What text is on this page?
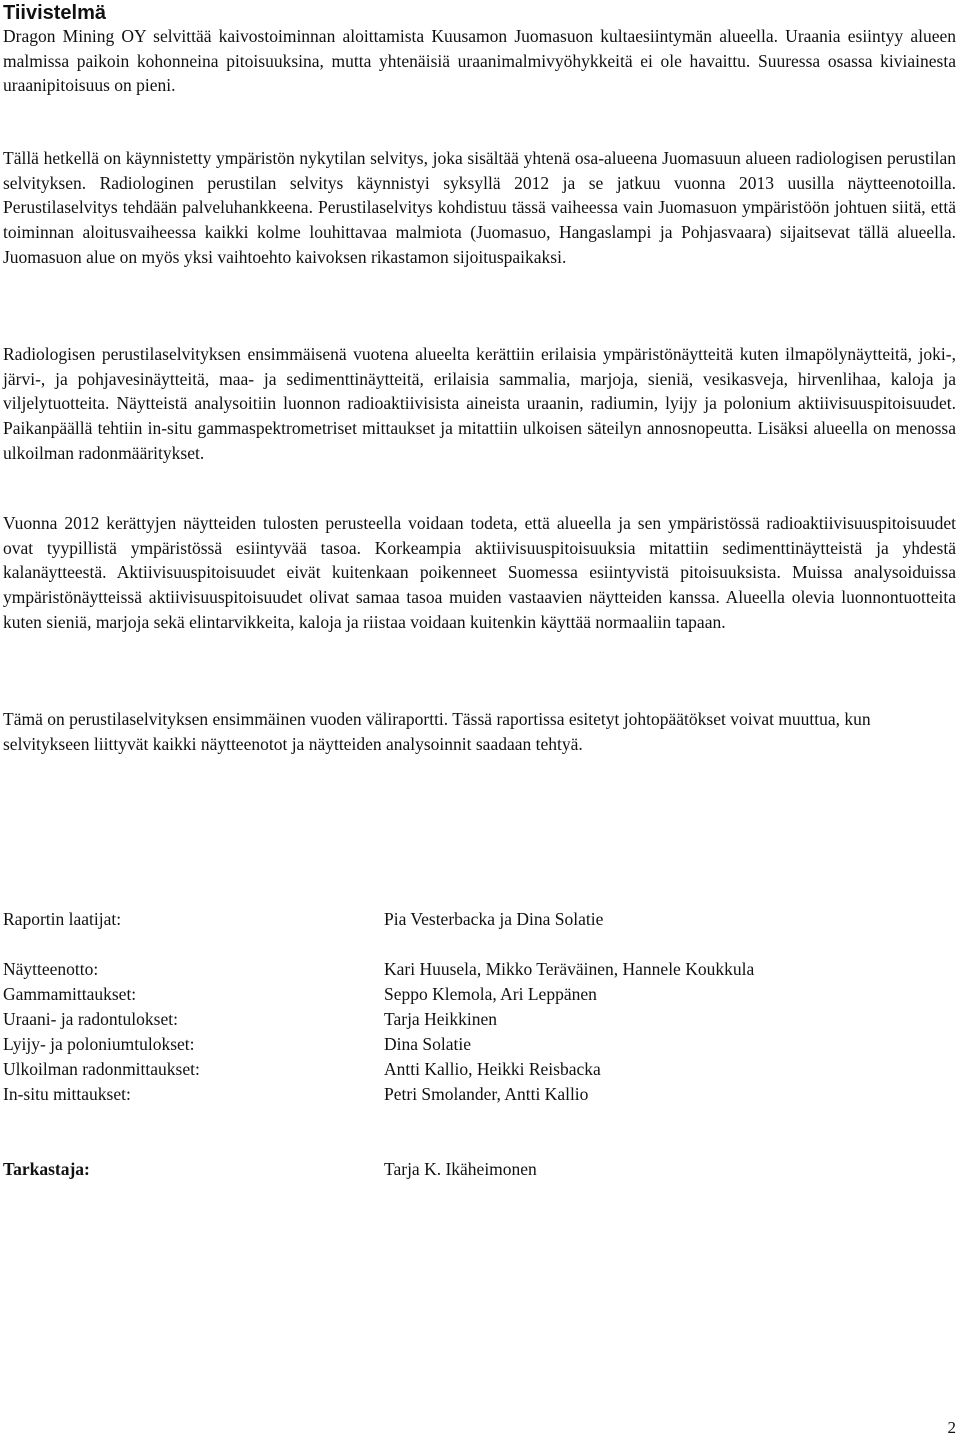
Tiivistelmä

Dragon Mining OY selvittää kaivostoiminnan aloittamista Kuusamon Juomasuon kultaesiintymän alueella. Uraania esiintyy alueen malmissa paikoin kohonneina pitoisuuksina, mutta yhtenäisiä uraanimalmivyöhykkeitä ei ole havaittu. Suuressa osassa kiviainesta uraanipitoisuus on pieni.

Tällä hetkellä on käynnistetty ympäristön nykytilan selvitys, joka sisältää yhtenä osa-alueena Juomasuun alueen radiologisen perustilan selvityksen. Radiologinen perustilan selvitys käynnistyi syksyllä 2012 ja se jatkuu vuonna 2013 uusilla näytteenotoilla. Perustilaselvitys tehdään palveluhankkeena. Perustilaselvitys kohdistuu tässä vaiheessa vain Juomasuon ympäristöön johtuen siitä, että toiminnan aloitusvaiheessa kaikki kolme louhittavaa malmiota (Juomasuo, Hangaslampi ja Pohjasvaara) sijaitsevat tällä alueella. Juomasuon alue on myös yksi vaihtoehto kaivoksen rikastamon sijoituspaikaksi.

Radiologisen perustilaselvityksen ensimmäisenä vuotena alueelta kerättiin erilaisia ympäristönäytteitä kuten ilmapölynäytteitä, joki-, järvi-, ja pohjavesinäytteitä, maa- ja sedimenttinäytteitä, erilaisia sammalia, marjoja, sieniä, vesikasveja, hirvenlihaa, kaloja ja viljelytuotteita. Näytteistä analysoitiin luonnon radioaktiivisista aineista uraanin, radiumin, lyijy ja polonium aktiivisuuspitoisuudet. Paikanpäällä tehtiin in-situ gammaspektrometriset mittaukset ja mitattiin ulkoisen säteilyn annosnopeutta. Lisäksi alueella on menossa ulkoilman radonmääritykset.

Vuonna 2012 kerättyjen näytteiden tulosten perusteella voidaan todeta, että alueella ja sen ympäristössä radioaktiivisuuspitoisuudet ovat tyypillistä ympäristössä esiintyvää tasoa. Korkeampia aktiivisuuspitoisuuksia mitattiin sedimenttinäytteistä ja yhdestä kalanäytteestä. Aktiivisuuspitoisuudet eivät kuitenkaan poikenneet Suomessa esiintyvistä pitoisuuksista. Muissa analysoiduissa ympäristönäytteissä aktiivisuuspitoisuudet olivat samaa tasoa muiden vastaavien näytteiden kanssa. Alueella olevia luonnontuotteita kuten sieniä, marjoja sekä elintarvikkeita, kaloja ja riistaa voidaan kuitenkin käyttää normaaliin tapaan.

Tämä on perustilaselvityksen ensimmäinen vuoden väliraportti. Tässä raportissa esitetyt johtopäätökset voivat muuttua, kun selvitykseen liittyvät kaikki näytteenotot ja näytteiden analysoinnit saadaan tehtyä.

Raportin laatijat:	Pia Vesterbacka ja Dina Solatie
Näytteenotto:	Kari Huusela, Mikko Teräväinen, Hannele Koukkula
Gammamittaukset:	Seppo Klemola, Ari Leppänen
Uraani- ja radontulokset:	Tarja Heikkinen
Lyijy- ja poloniumtulokset:	Dina Solatie
Ulkoilman radonmittaukset:	Antti Kallio, Heikki Reisbacka
In-situ mittaukset:	Petri Smolander, Antti Kallio
Tarkastaja:	Tarja K. Ikäheimonen
2
